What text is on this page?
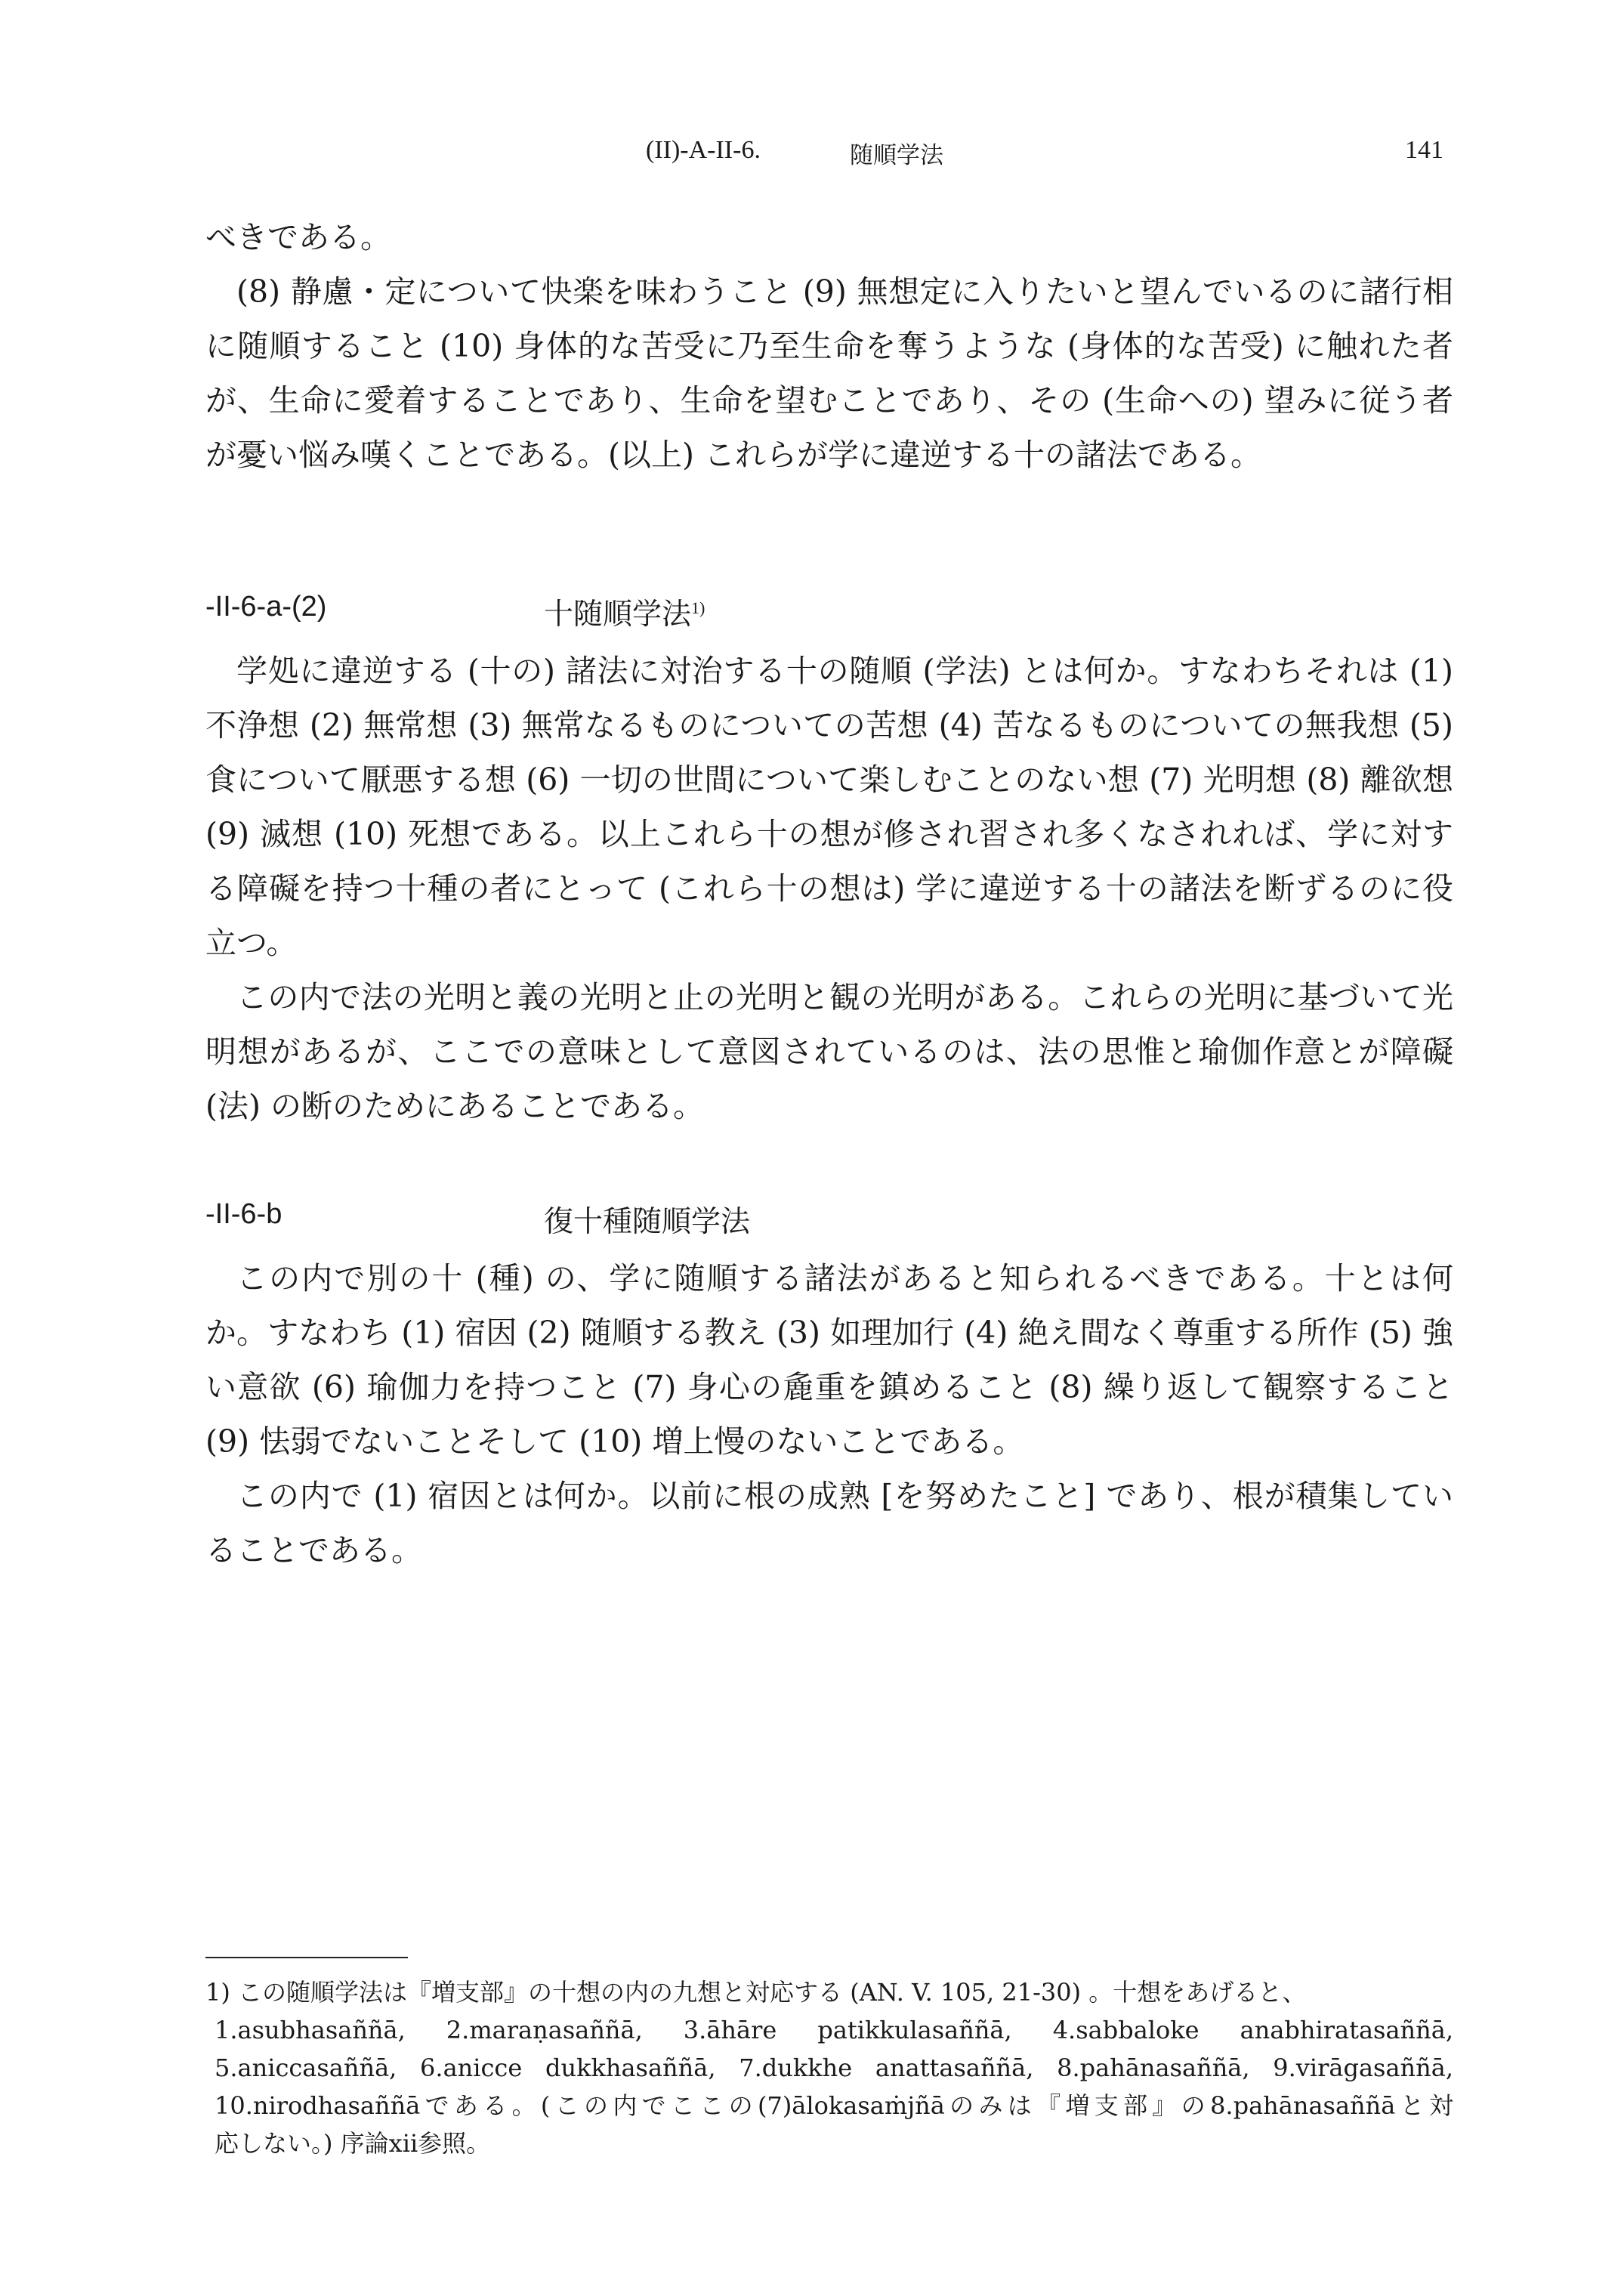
(II)-A-II-6.	随順学法	141

べきである。

(8) 静慮・定について快楽を味わうこと (9) 無想定に入りたいと望んでいるのに諸行相に随順すること (10) 身体的な苦受に乃至生命を奪うような (身体的な苦受) に触れた者が、生命に愛着することであり、生命を望むことであり、その (生命への) 望みに従う者が憂い悩み嘆くことである。(以上) これらが学に違逆する十の諸法である。

-II-6-a-(2)	十随順学法$^{1)}$

学処に違逆する (十の) 諸法に対治する十の随順 (学法) とは何か。すなわちそれは (1) 不浄想 (2) 無常想 (3) 無常なるものについての苦想 (4) 苦なるものについての無我想 (5) 食について厭悪する想 (6) 一切の世間について楽しむことのない想 (7) 光明想 (8) 離欲想 (9) 滅想 (10) 死想である。以上これら十の想が修され習され多くなされれば、学に対する障礙を持つ十種の者にとって (これら十の想は) 学に違逆する十の諸法を断ずるのに役立つ。

この内で法の光明と義の光明と止の光明と観の光明がある。これらの光明に基づいて光明想があるが、ここでの意味として意図されているのは、法の思惟と瑜伽作意とが障礙 (法) の断のためにあることである。

-II-6-b	復十種随順学法

この内で別の十 (種) の、学に随順する諸法があると知られるべきである。十とは何か。すなわち (1) 宿因 (2) 随順する教え (3) 如理加行 (4) 絶え間なく尊重する所作 (5) 強い意欲 (6) 瑜伽力を持つこと (7) 身心の麁重を鎮めること (8) 繰り返して観察すること (9) 怯弱でないことそして (10) 増上慢のないことである。

この内で (1) 宿因とは何か。以前に根の成熟 [を努めたこと] であり、根が積集していることである。

1) この随順学法は『増支部』の十想の内の九想と対応する (AN. V. 105, 21-30) 。十想をあげると、

1.asubhasaññā, 2.maraṇasaññā, 3.āhāre patikkulasaññā, 4.sabbaloke anabhiratasaññā,

5.aniccasaññā, 6.anicce dukkhasaññā, 7.dukkhe anattasaññā, 8.pahānasaññā, 9.virāgasaññā,

10.nirodhasaññāである。(この内でここの(7)ālokasaṁjñāのみは『増支部』の8.pahānasaññāと対

応しない。) 序論xii参照。
